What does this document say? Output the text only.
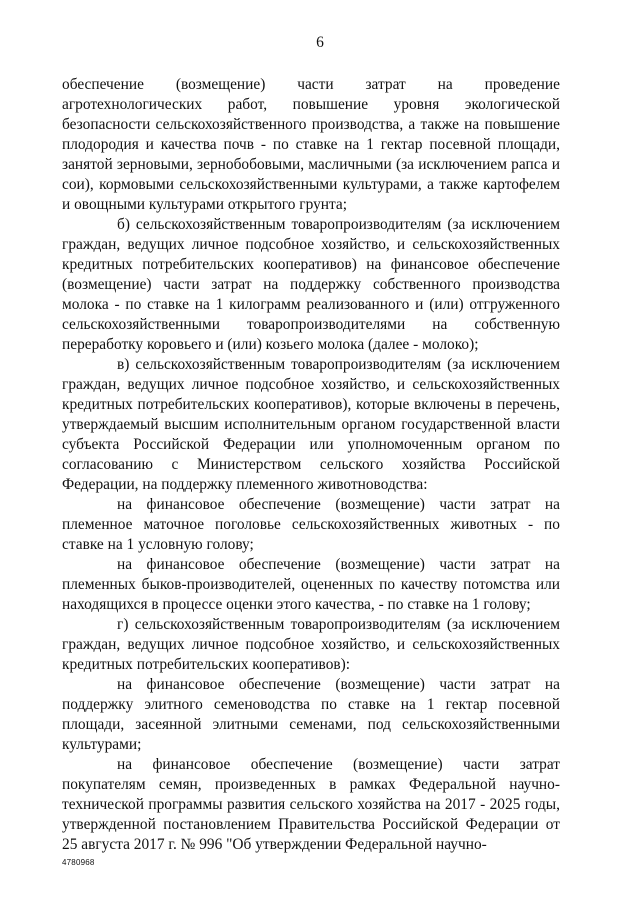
6

обеспечение (возмещение) части затрат на проведение агротехнологических работ, повышение уровня экологической безопасности сельскохозяйственного производства, а также на повышение плодородия и качества почв - по ставке на 1 гектар посевной площади, занятой зерновыми, зернобобовыми, масличными (за исключением рапса и сои), кормовыми сельскохозяйственными культурами, а также картофелем и овощными культурами открытого грунта;

б) сельскохозяйственным товаропроизводителям (за исключением граждан, ведущих личное подсобное хозяйство, и сельскохозяйственных кредитных потребительских кооперативов) на финансовое обеспечение (возмещение) части затрат на поддержку собственного производства молока - по ставке на 1 килограмм реализованного и (или) отгруженного сельскохозяйственными товаропроизводителями на собственную переработку коровьего и (или) козьего молока (далее - молоко);

в) сельскохозяйственным товаропроизводителям (за исключением граждан, ведущих личное подсобное хозяйство, и сельскохозяйственных кредитных потребительских кооперативов), которые включены в перечень, утверждаемый высшим исполнительным органом государственной власти субъекта Российской Федерации или уполномоченным органом по согласованию с Министерством сельского хозяйства Российской Федерации, на поддержку племенного животноводства:

на финансовое обеспечение (возмещение) части затрат на племенное маточное поголовье сельскохозяйственных животных - по ставке на 1 условную голову;

на финансовое обеспечение (возмещение) части затрат на племенных быков-производителей, оцененных по качеству потомства или находящихся в процессе оценки этого качества, - по ставке на 1 голову;

г) сельскохозяйственным товаропроизводителям (за исключением граждан, ведущих личное подсобное хозяйство, и сельскохозяйственных кредитных потребительских кооперативов):

на финансовое обеспечение (возмещение) части затрат на поддержку элитного семеноводства по ставке на 1 гектар посевной площади, засеянной элитными семенами, под сельскохозяйственными культурами;

на финансовое обеспечение (возмещение) части затрат покупателям семян, произведенных в рамках Федеральной научно-технической программы развития сельского хозяйства на 2017 - 2025 годы, утвержденной постановлением Правительства Российской Федерации от 25 августа 2017 г. № 996 "Об утверждении Федеральной научно-

4780968
